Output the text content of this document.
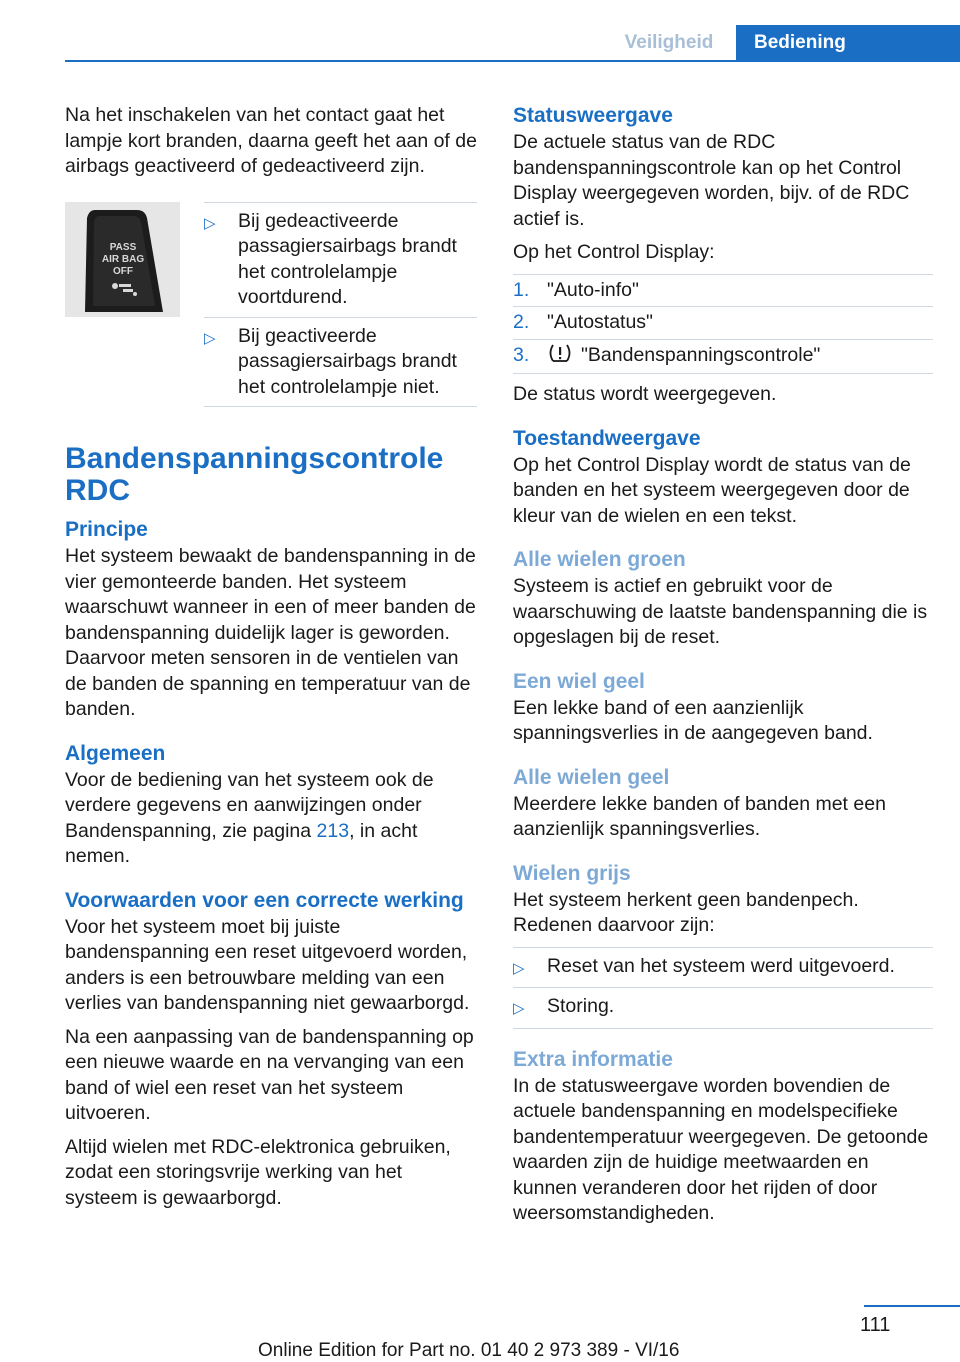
Veiligheid	Bediening

Na het inschakelen van het contact gaat het lampje kort branden, daarna geeft het aan of de airbags geactiveerd of gedeactiveerd zijn.

PASS
AIR BAG
OFF
▷	Bij gedeactiveerde passagiersairbags brandt het controlelampje voortdurend.
▷	Bij geactiveerde passagiersairbags brandt het controlelampje niet.
Bandenspanningscontrole RDC
Principe

Het systeem bewaakt de bandenspanning in de vier gemonteerde banden. Het systeem waarschuwt wanneer in een of meer banden de bandenspanning duidelijk lager is geworden. Daarvoor meten sensoren in de ventielen van de banden de spanning en temperatuur van de banden.

Algemeen

Voor de bediening van het systeem ook de verdere gegevens en aanwijzingen onder Bandenspanning, zie pagina 213, in acht nemen.

Voorwaarden voor een correcte werking

Voor het systeem moet bij juiste bandenspanning een reset uitgevoerd worden, anders is een betrouwbare melding van een verlies van bandenspanning niet gewaarborgd.

Na een aanpassing van de bandenspanning op een nieuwe waarde en na vervanging van een band of wiel een reset van het systeem uitvoeren.

Altijd wielen met RDC-elektronica gebruiken, zodat een storingsvrije werking van het systeem is gewaarborgd.

Statusweergave

De actuele status van de RDC bandenspanningscontrole kan op het Control Display weergegeven worden, bijv. of de RDC actief is.

Op het Control Display:

1. "Auto-info"
2. "Autostatus"
3.	"Bandenspanningscontrole"

De status wordt weergegeven.

Toestandweergave

Op het Control Display wordt de status van de banden en het systeem weergegeven door de kleur van de wielen en een tekst.

Alle wielen groen

Systeem is actief en gebruikt voor de waarschuwing de laatste bandenspanning die is opgeslagen bij de reset.

Een wiel geel

Een lekke band of een aanzienlijk spanningsverlies in de aangegeven band.

Alle wielen geel

Meerdere lekke banden of banden met een aanzienlijk spanningsverlies.

Wielen grijs

Het systeem herkent geen bandenpech. Redenen daarvoor zijn:

▷	Reset van het systeem werd uitgevoerd.
▷	Storing.
Extra informatie

In de statusweergave worden bovendien de actuele bandenspanning en modelspecifieke bandentemperatuur weergegeven. De getoonde waarden zijn de huidige meetwaarden en kunnen veranderen door het rijden of door weersomstandigheden.

111
Online Edition for Part no. 01 40 2 973 389 - VI/16
